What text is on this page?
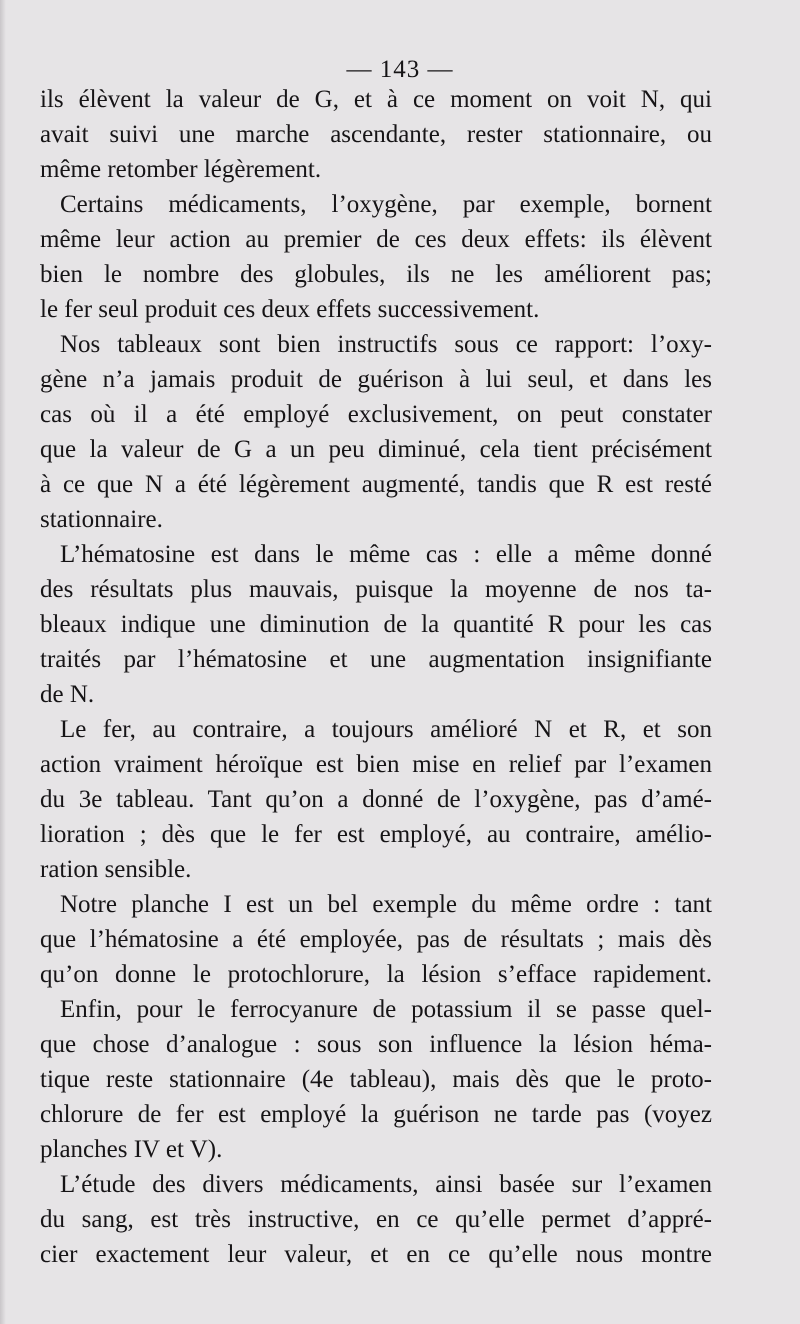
— 143 —
ils élèvent la valeur de G, et à ce moment on voit N, qui
avait suivi une marche ascendante, rester stationnaire, ou
même retomber légèrement.
Certains médicaments, l’oxygène, par exemple, bornent
même leur action au premier de ces deux effets: ils élèvent
bien le nombre des globules, ils ne les améliorent pas;
le fer seul produit ces deux effets successivement.
Nos tableaux sont bien instructifs sous ce rapport: l’oxy-
gène n’a jamais produit de guérison à lui seul, et dans les
cas où il a été employé exclusivement, on peut constater
que la valeur de G a un peu diminué, cela tient précisément
à ce que N a été légèrement augmenté, tandis que R est resté
stationnaire.
L’hématosine est dans le même cas : elle a même donné
des résultats plus mauvais, puisque la moyenne de nos ta-
bleaux indique une diminution de la quantité R pour les cas
traités par l’hématosine et une augmentation insignifiante
de N.
Le fer, au contraire, a toujours amélioré N et R, et son
action vraiment héroïque est bien mise en relief par l’examen
du 3e tableau. Tant qu’on a donné de l’oxygène, pas d’amé-
lioration ; dès que le fer est employé, au contraire, amélio-
ration sensible.
Notre planche I est un bel exemple du même ordre : tant
que l’hématosine a été employée, pas de résultats ; mais dès
qu’on donne le protochlorure, la lésion s’efface rapidement.
Enfin, pour le ferrocyanure de potassium il se passe quel-
que chose d’analogue : sous son influence la lésion héma-
tique reste stationnaire (4e tableau), mais dès que le proto-
chlorure de fer est employé la guérison ne tarde pas (voyez
planches IV et V).
L’étude des divers médicaments, ainsi basée sur l’examen
du sang, est très instructive, en ce qu’elle permet d’appré-
cier exactement leur valeur, et en ce qu’elle nous montre
